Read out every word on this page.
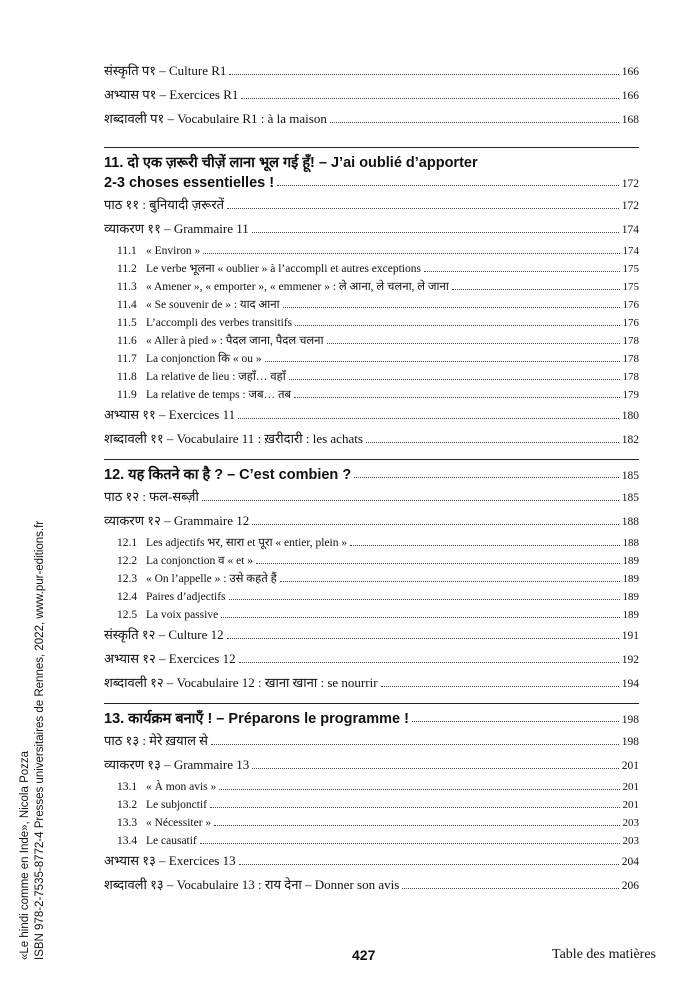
«Le hindi comme en Inde», Nicola Pozza ISBN 978-2-7535-8772-4 Presses universitaires de Rennes, 2022, www.pur-editions.fr
संस्कृति प१ – Culture R1	166
अभ्यास प१ – Exercices R1	166
शब्दावली प१ – Vocabulaire R1 : à la maison	168
11. दो एक ज़रूरी चीज़ें लाना भूल गई हूँ! – J’ai oublié d’apporter
2-3 choses essentielles !	172
पाठ ११ : बुनियादी ज़रूरतें	172
व्याकरण ११ – Grammaire 11	174
11.1 « Environ »	174
11.2 Le verbe भूलना « oublier » à l’accompli et autres exceptions	175
11.3 « Amener », « emporter », « emmener » : ले आना, ले चलना, ले जाना	175
11.4 « Se souvenir de » : याद आना	176
11.5 L’accompli des verbes transitifs	176
11.6 « Aller à pied » : पैदल जाना, पैदल चलना	178
11.7 La conjonction कि « ou »	178
11.8 La relative de lieu : जहाँ… वहाँ	178
11.9 La relative de temps : जब… तब	179
अभ्यास ११ – Exercices 11	180
शब्दावली ११ – Vocabulaire 11 : ख़रीदारी : les achats	182
12. यह कितने का है ? – C’est combien ?	185
पाठ १२ : फल-सब्ज़ी	185
व्याकरण १२ – Grammaire 12	188
12.1 Les adjectifs भर, सारा et पूरा « entier, plein »	188
12.2 La conjonction व « et »	189
12.3 « On l’appelle » : उसे कहते हैं	189
12.4 Paires d’adjectifs	189
12.5 La voix passive	189
संस्कृति १२ – Culture 12	191
अभ्यास १२ – Exercices 12	192
शब्दावली १२ – Vocabulaire 12 : खाना खाना : se nourrir	194
13. कार्यक्रम बनाएँ ! – Préparons le programme !	198
पाठ १३ : मेरे ख़याल से	198
व्याकरण १३ – Grammaire 13	201
13.1 « À mon avis »	201
13.2 Le subjonctif	201
13.3 « Nécessiter »	203
13.4 Le causatif	203
अभ्यास १३ – Exercices 13	204
शब्दावली १३ – Vocabulaire 13 : राय देना – Donner son avis	206
427	Table des matières
